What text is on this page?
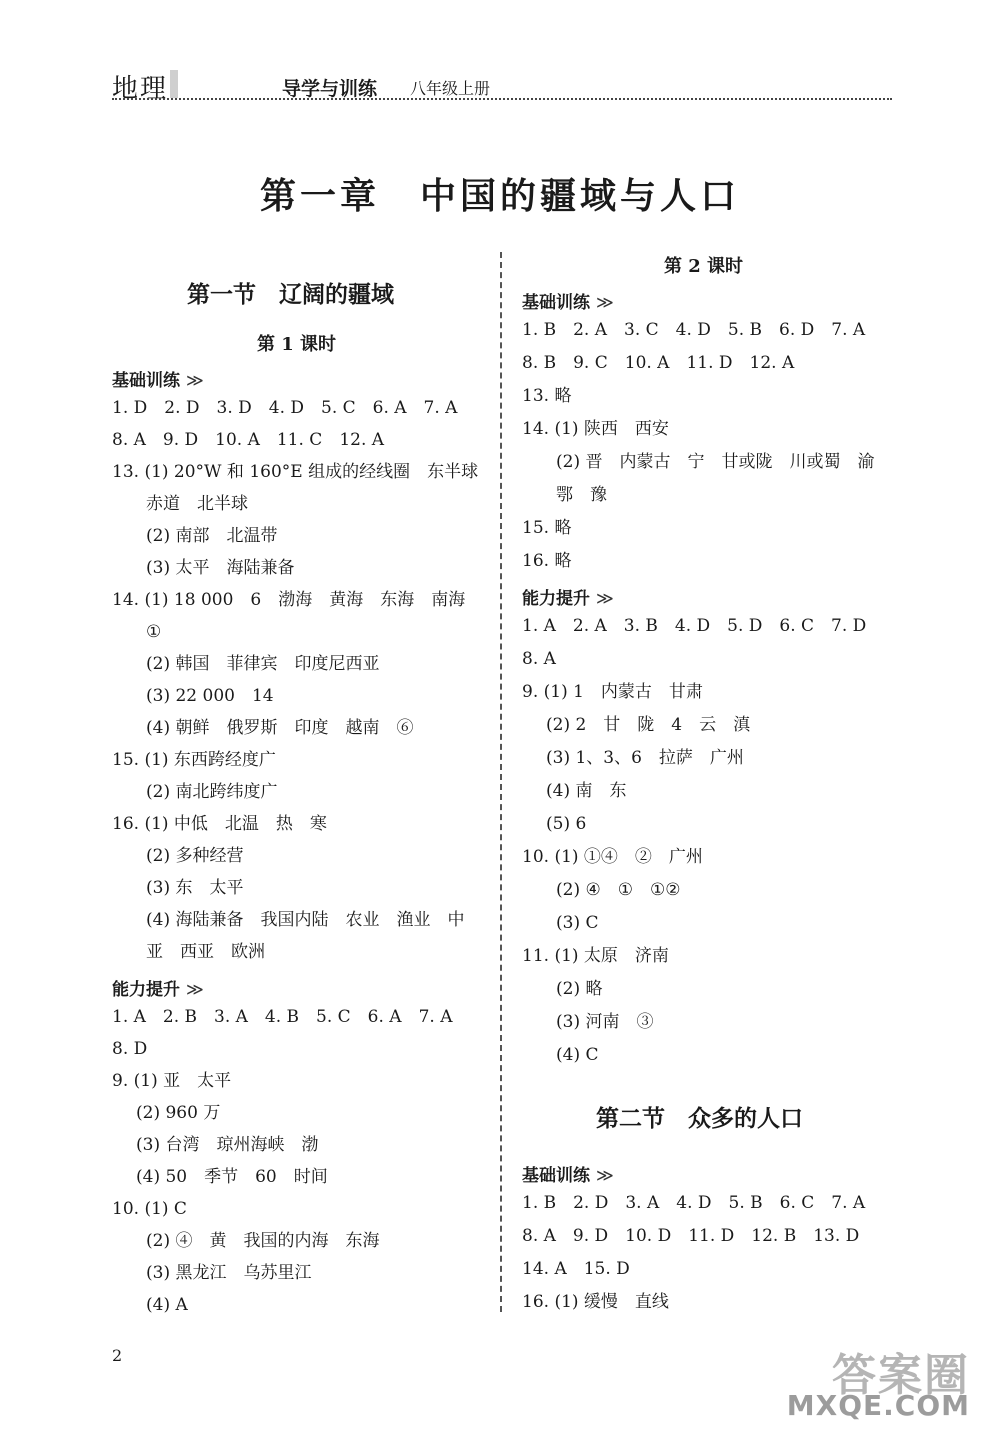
地理	导学与训练 八年级上册
第一章　中国的疆域与人口
第一节　辽阔的疆域
第 1 课时
基础训练 ≫
1. D　2. D　3. D　4. D　5. C　6. A　7. A
8. A　9. D　10. A　11. C　12. A
13. (1) 20°W 和 160°E 组成的经线圈　东半球
赤道　北半球
(2) 南部　北温带
(3) 太平　海陆兼备
14. (1) 18 000　6　渤海　黄海　东海　南海
①
(2) 韩国　菲律宾　印度尼西亚
(3) 22 000　14
(4) 朝鲜　俄罗斯　印度　越南　⑥
15. (1) 东西跨经度广
(2) 南北跨纬度广
16. (1) 中低　北温　热　寒
(2) 多种经营
(3) 东　太平
(4) 海陆兼备　我国内陆　农业　渔业　中
亚　西亚　欧洲
能力提升 ≫
1. A　2. B　3. A　4. B　5. C　6. A　7. A
8. D
9. (1) 亚　太平
(2) 960 万
(3) 台湾　琼州海峡　渤
(4) 50　季节　60　时间
10. (1) C
(2) ④　黄　我国的内海　东海
(3) 黑龙江　乌苏里江
(4) A
第 2 课时
基础训练 ≫
1. B　2. A　3. C　4. D　5. B　6. D　7. A
8. B　9. C　10. A　11. D　12. A
13. 略
14. (1) 陕西　西安
(2) 晋　内蒙古　宁　甘或陇　川或蜀　渝
鄂　豫
15. 略
16. 略
能力提升 ≫
1. A　2. A　3. B　4. D　5. D　6. C　7. D
8. A
9. (1) 1　内蒙古　甘肃
(2) 2　甘　陇　4　云　滇
(3) 1、3、6　拉萨　广州
(4) 南　东
(5) 6
10. (1) ①④　②　广州
(2) ④　①　①②
(3) C
11. (1) 太原　济南
(2) 略
(3) 河南　③
(4) C
第二节　众多的人口
基础训练 ≫
1. B　2. D　3. A　4. D　5. B　6. C　7. A
8. A　9. D　10. D　11. D　12. B　13. D
14. A　15. D
16. (1) 缓慢　直线
2	答案圈
MXQE.COM
